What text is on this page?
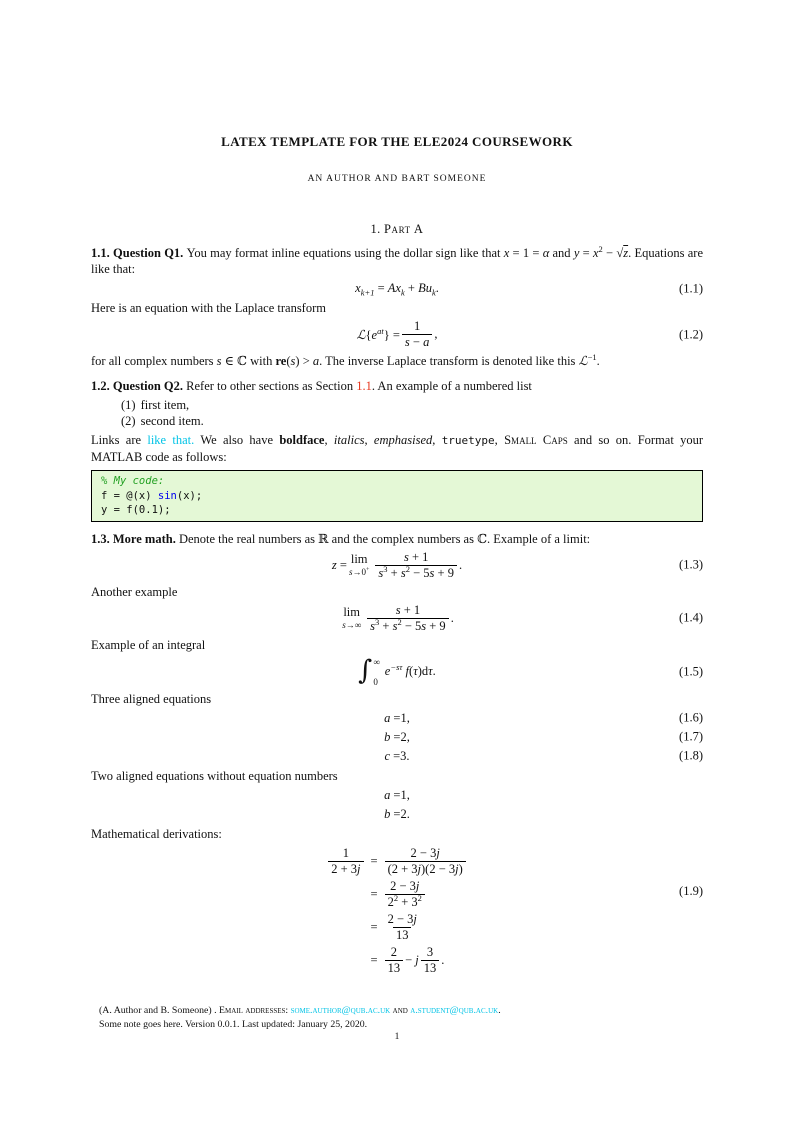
LATEX TEMPLATE FOR THE ELE2024 COURSEWORK
AN AUTHOR AND BART SOMEONE
1. Part A

1.1. Question Q1. You may format inline equations using the dollar sign like that x = 1 = α and $y = x^2 - √z$. Equations are like that:

$x_{k+1} = Ax_k + Bu_k$.	(1.1)

Here is an equation with the Laplace transform

$ℒ\{e^{at}\} = \frac{1}{s - a}$ ,	(1.2)

for all complex numbers s ∈ ℂ with re(s) > a. The inverse Laplace transform is denoted like this ℒ$^{-1}$.

1.2. Question Q2. Refer to other sections as Section 1.1. An example of a numbered list

(1) first item,
(2) second item.

Links are like that. We also have boldface, italics, emphasised, truetype, Small Caps and so on. Format your MATLAB code as follows:

% My code:
f = @(x) sin(x);
y = f(0.1);

1.3. More math. Denote the real numbers as ℝ and the complex numbers as ℂ. Example of a limit:

z = lim
$s\to 0^+ \frac{s + 1}{s^3 + s^2 - 5s + 9}$ .	(1.3)

Another example

lim
$s\to\infty \frac{s + 1}{s^3 + s^2 - 5s + 9}$ .	(1.4)

Example of an integral

∫ ∞
0
$e^{-s\tau}$ f(τ)dτ.	(1.5)

Three aligned equations

a =1,	(1.6)
b =2,	(1.7)
c =3.	(1.8)

Two aligned equations without equation numbers

a =1,
b =2.

Mathematical derivations:

$\frac{1}{2 + 3j} = \frac{2 - 3j}{(2 + 3j)(2 - 3j)}$
= $\frac{2 - 3j}{2^2 + 3^2}$
= $\frac{2 - 3j}{13}$
= $\frac{2}{13} - j \frac{3}{13}$ .
(1.9)
(A. Author and B. Someone) . Email addresses: some.author@qub.ac.uk and a.student@qub.ac.uk.
Some note goes here. Version 0.0.1. Last updated: January 25, 2020.
1
